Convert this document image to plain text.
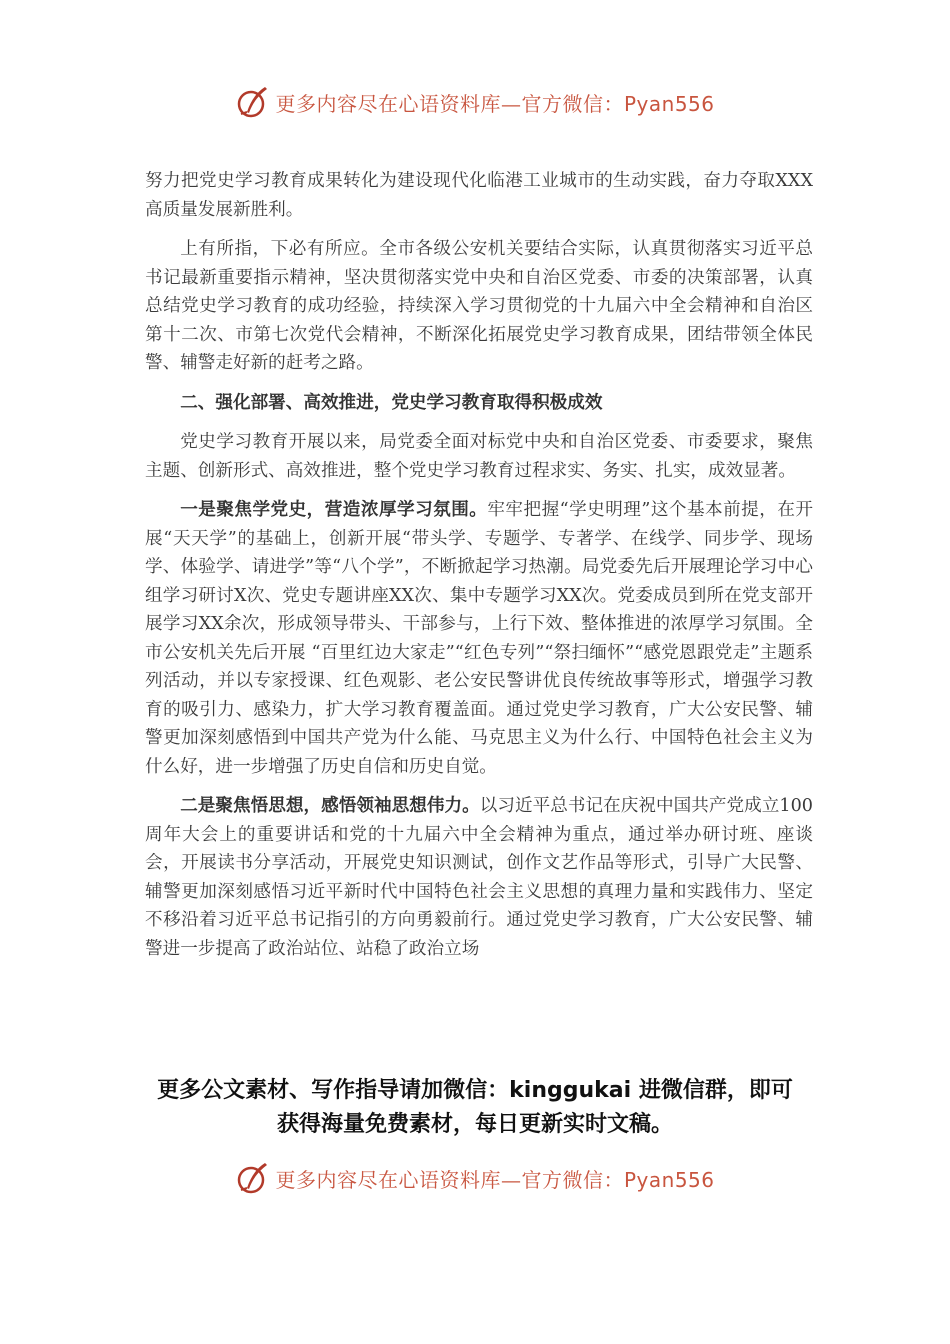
更多内容尽在心语资料库—官方微信：Pyan556

努力把党史学习教育成果转化为建设现代化临港工业城市的生动实践，奋力夺取XXX高质量发展新胜利。

上有所指，下必有所应。全市各级公安机关要结合实际，认真贯彻落实习近平总书记最新重要指示精神，坚决贯彻落实党中央和自治区党委、市委的决策部署，认真总结党史学习教育的成功经验，持续深入学习贯彻党的十九届六中全会精神和自治区第十二次、市第七次党代会精神，不断深化拓展党史学习教育成果，团结带领全体民警、辅警走好新的赶考之路。

二、强化部署、高效推进，党史学习教育取得积极成效

党史学习教育开展以来，局党委全面对标党中央和自治区党委、市委要求，聚焦主题、创新形式、高效推进，整个党史学习教育过程求实、务实、扎实，成效显著。

一是聚焦学党史，营造浓厚学习氛围。牢牢把握“学史明理”这个基本前提，在开展“天天学”的基础上，创新开展“带头学、专题学、专著学、在线学、同步学、现场学、体验学、请进学”等“八个学”，不断掀起学习热潮。局党委先后开展理论学习中心组学习研讨X次、党史专题讲座XX次、集中专题学习XX次。党委成员到所在党支部开展学习XX余次，形成领导带头、干部参与，上行下效、整体推进的浓厚学习氛围。全市公安机关先后开展 “百里红边大家走”“红色专列”“祭扫缅怀”“感党恩跟党走”主题系列活动，并以专家授课、红色观影、老公安民警讲优良传统故事等形式，增强学习教育的吸引力、感染力，扩大学习教育覆盖面。通过党史学习教育，广大公安民警、辅警更加深刻感悟到中国共产党为什么能、马克思主义为什么行、中国特色社会主义为什么好，进一步增强了历史自信和历史自觉。

二是聚焦悟思想，感悟领袖思想伟力。以习近平总书记在庆祝中国共产党成立100周年大会上的重要讲话和党的十九届六中全会精神为重点，通过举办研讨班、座谈会，开展读书分享活动，开展党史知识测试，创作文艺作品等形式，引导广大民警、辅警更加深刻感悟习近平新时代中国特色社会主义思想的真理力量和实践伟力、坚定不移沿着习近平总书记指引的方向勇毅前行。通过党史学习教育，广大公安民警、辅警进一步提高了政治站位、站稳了政治立场

更多公文素材、写作指导请加微信：kinggukai 进微信群，即可
获得海量免费素材，每日更新实时文稿。
更多内容尽在心语资料库—官方微信：Pyan556
